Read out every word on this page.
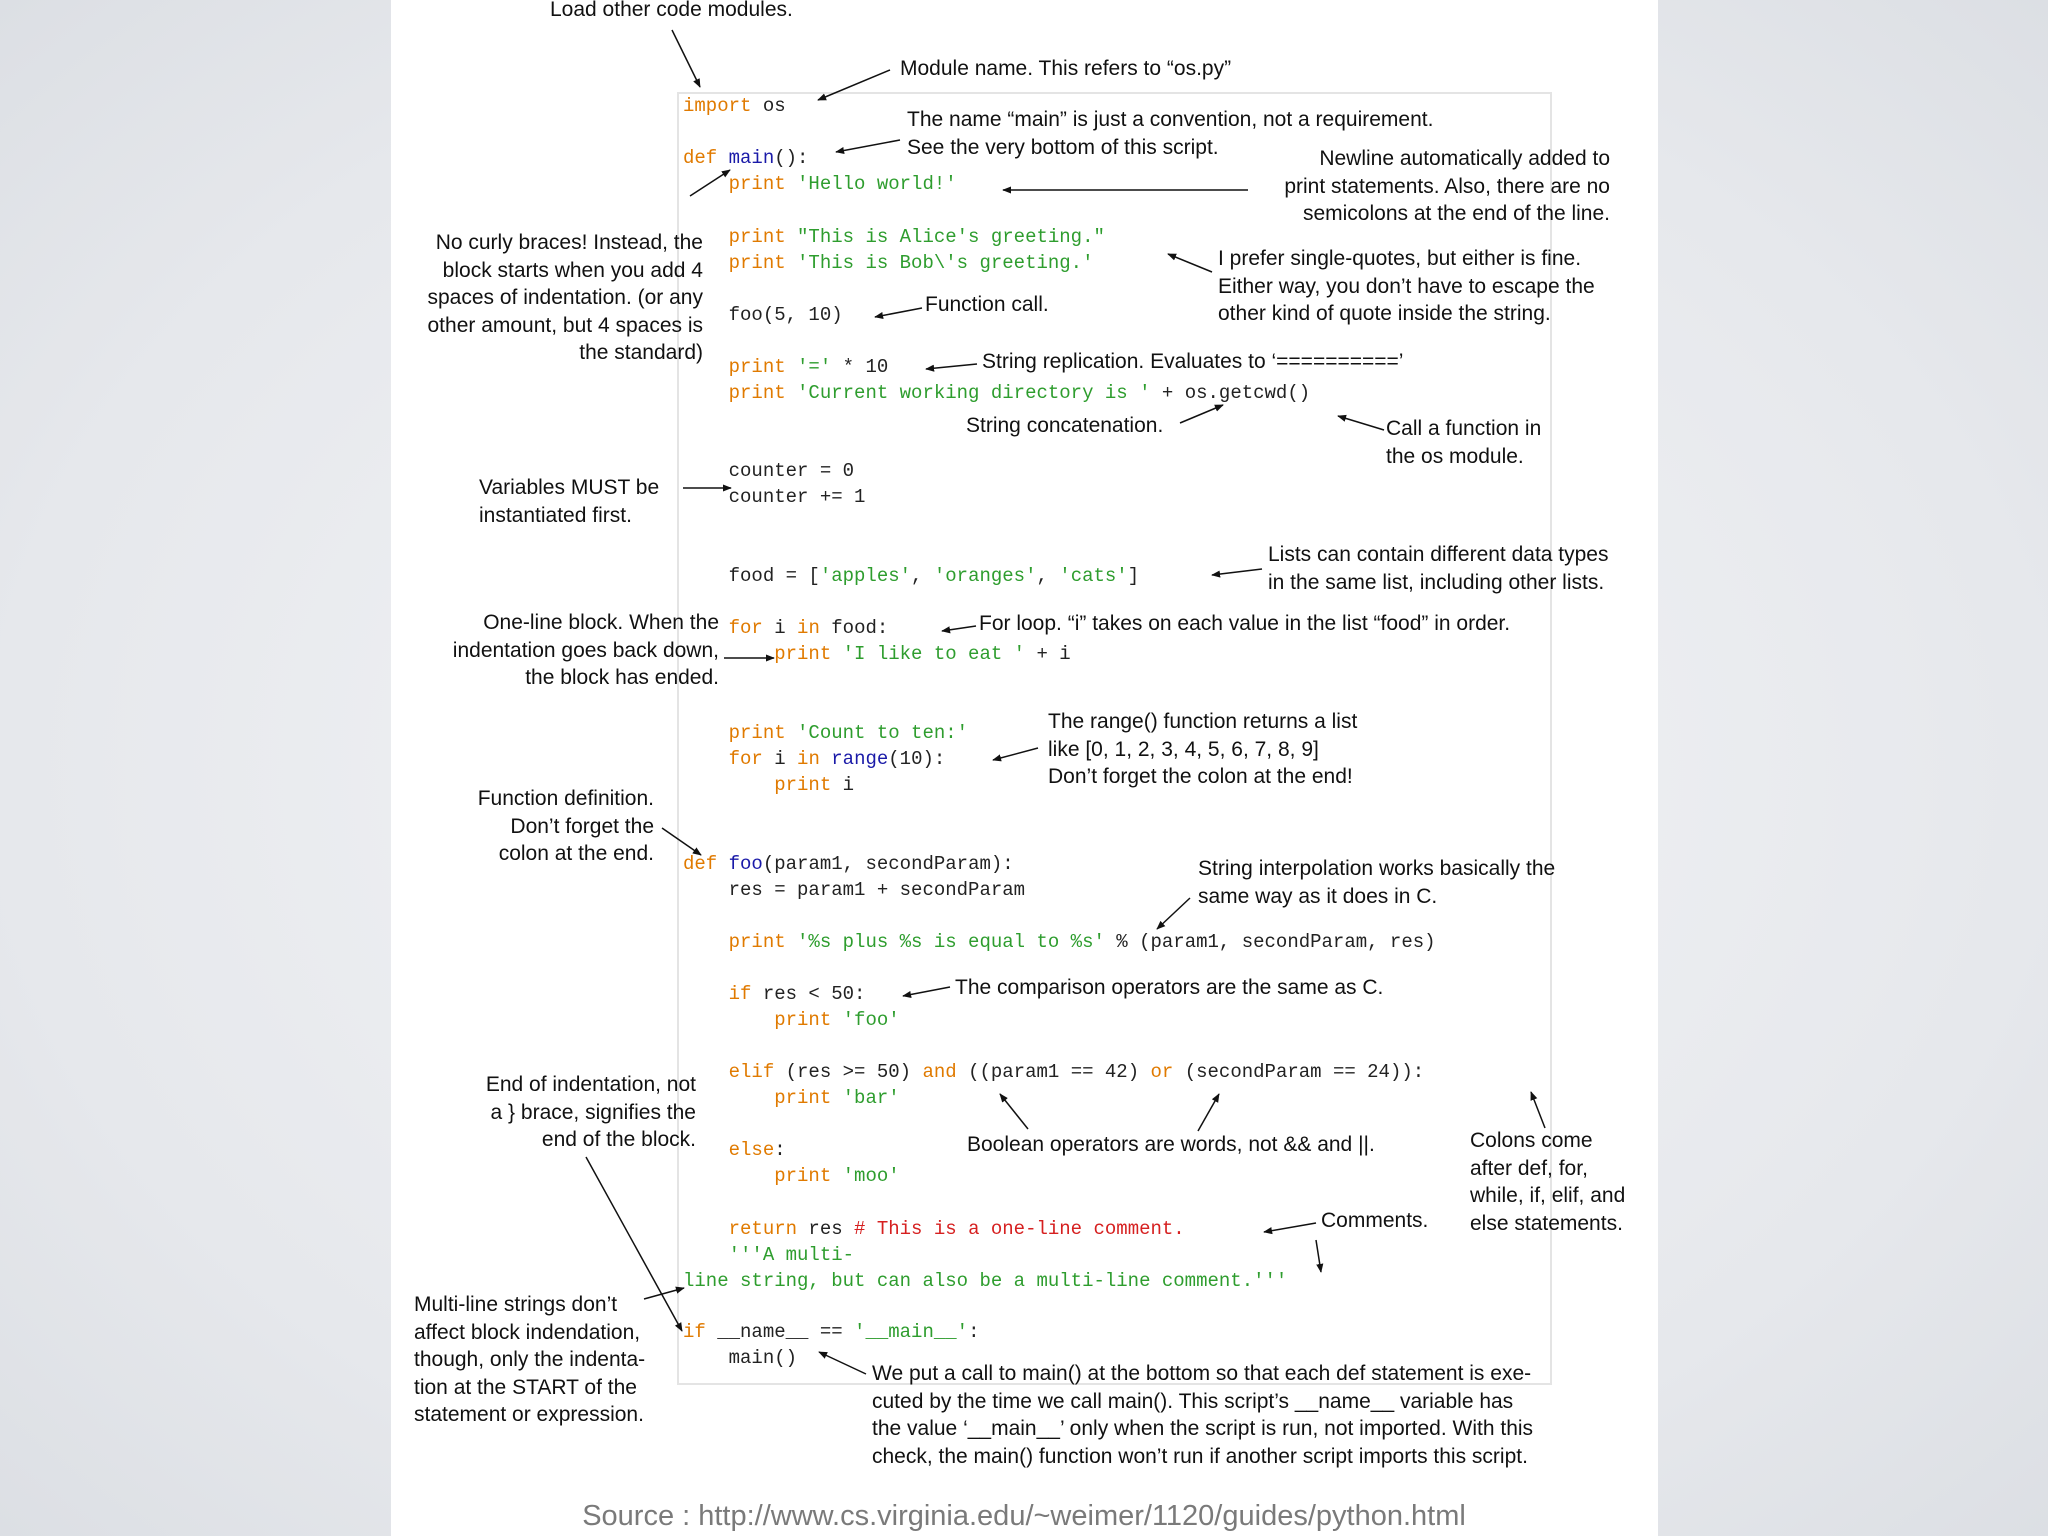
import os
def main():
print 'Hello world!'
print "This is Alice's greeting."
print 'This is Bob\'s greeting.'
foo(5, 10)
print '=' * 10
print 'Current working directory is ' + os.getcwd()
counter = 0
counter += 1
food = ['apples', 'oranges', 'cats']
for i in food:
print 'I like to eat ' + i
print 'Count to ten:'
for i in range(10):
print i
def foo(param1, secondParam):
res = param1 + secondParam
print '%s plus %s is equal to %s' % (param1, secondParam, res)
if res < 50:
print 'foo'
elif (res >= 50) and ((param1 == 42) or (secondParam == 24)):
print 'bar'
else:
print 'moo'
return res # This is a one-line comment.
'''A multi-
line string, but can also be a multi-line comment.'''
if __name__ == '__main__':
main()
Load other code modules.
Module name. This refers to “os.py”
The name “main” is just a convention, not a requirement.
See the very bottom of this script.	Newline automatically added to
print statements. Also, there are no
semicolons at the end of the line.
No curly braces! Instead, the
block starts when you add 4
spaces of indentation. (or any
other amount, but 4 spaces is
the standard)
I prefer single-quotes, but either is fine.
Either way, you don’t have to escape the
other kind of quote inside the string.
Function call.
String replication. Evaluates to ‘==========’
String concatenation.	Call a function in
the os module.
Variables MUST be
instantiated first.
Lists can contain different data types
in the same list, including other lists.
One-line block. When the
indentation goes back down,
the block has ended.
For loop. “i” takes on each value in the list “food” in order.
The range() function returns a list
like [0, 1, 2, 3, 4, 5, 6, 7, 8, 9]
Don’t forget the colon at the end!
Function definition.
Don’t forget the
colon at the end.
String interpolation works basically the
same way as it does in C.
The comparison operators are the same as C.
End of indentation, not
a } brace, signifies the
end of the block.	Boolean operators are words, not && and ||.	Colons come
after def, for,
while, if, elif, and
else statements.
Comments.
Multi-line strings don’t
affect block indendation,
though, only the indenta-
tion at the START of the
statement or expression.
We put a call to main() at the bottom so that each def statement is exe-
cuted by the time we call main(). This script’s __name__ variable has
the value ‘__main__’ only when the script is run, not imported. With this
check, the main() function won’t run if another script imports this script.
Source : http://www.cs.virginia.edu/~weimer/1120/guides/python.html
